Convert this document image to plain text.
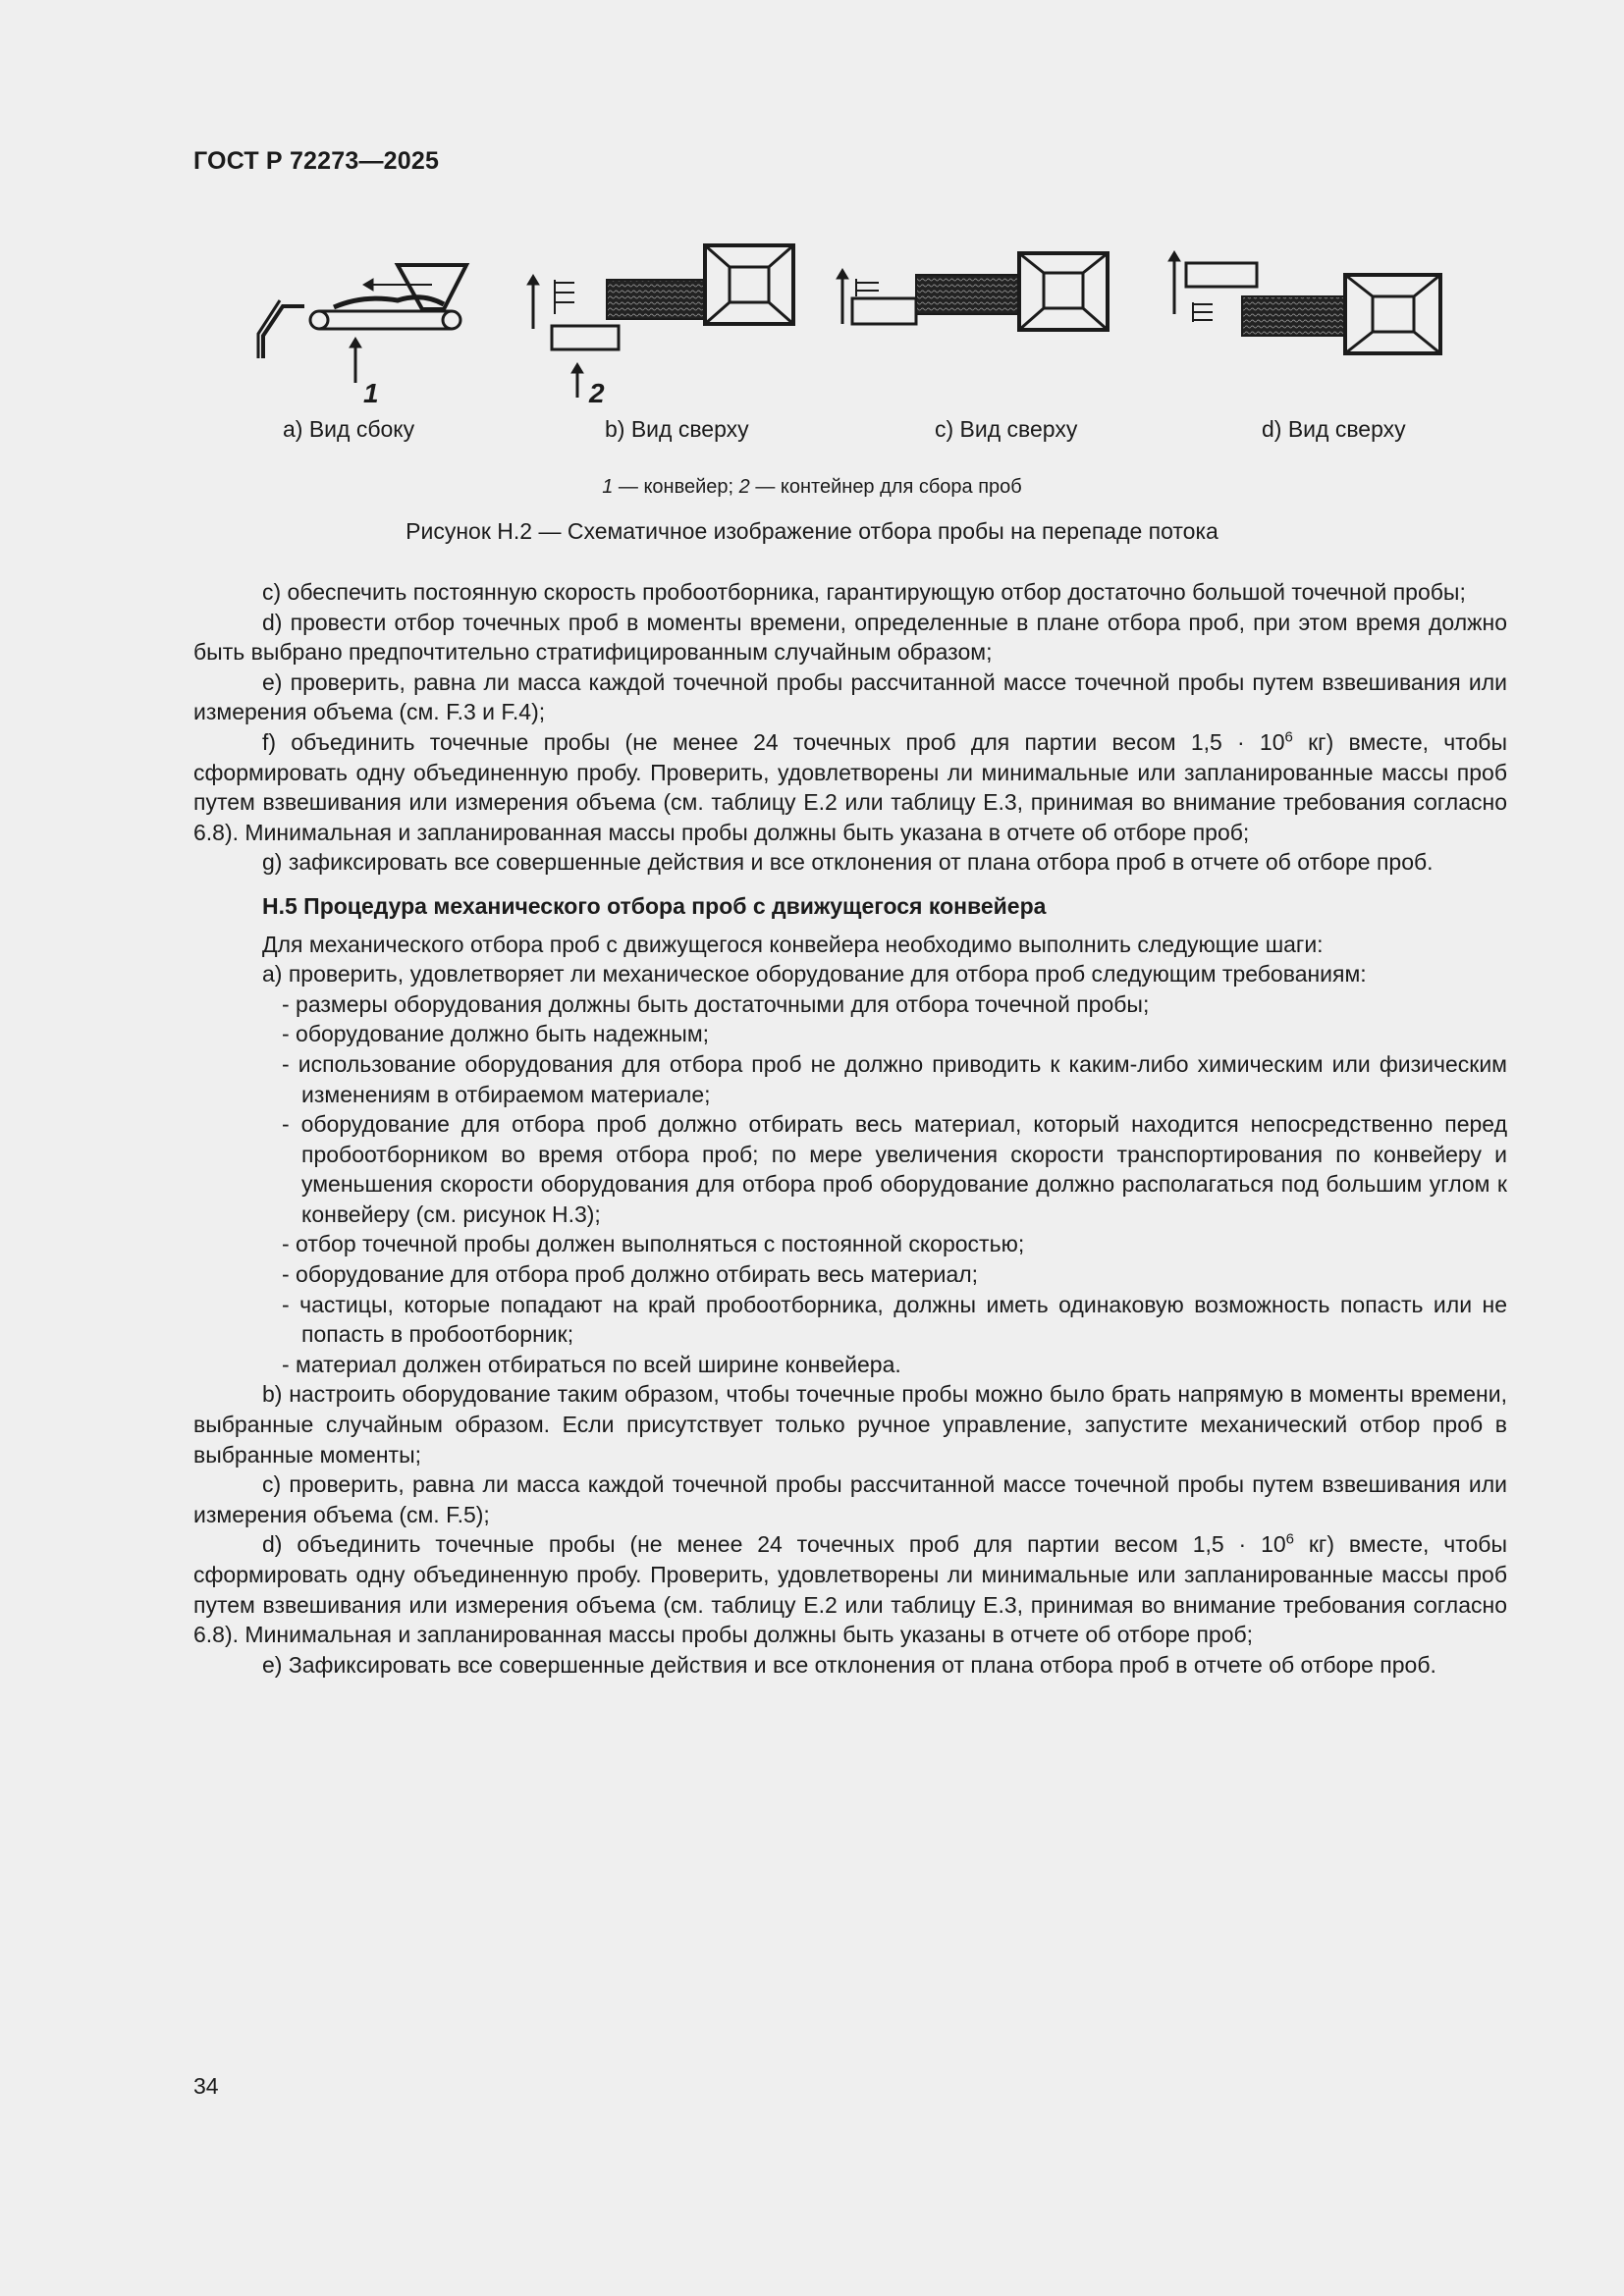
ГОСТ Р 72273—2025
1	2
а) Вид сбоку	b) Вид сверху	с) Вид сверху	d) Вид сверху
1 — конвейер; 2 — контейнер для сбора проб
Рисунок Н.2 — Схематичное изображение отбора пробы на перепаде потока

с) обеспечить постоянную скорость пробоотборника, гарантирующую отбор достаточно большой точечной пробы;

d) провести отбор точечных проб в моменты времени, определенные в плане отбора проб, при этом время должно быть выбрано предпочтительно стратифицированным случайным образом;

е) проверить, равна ли масса каждой точечной пробы рассчитанной массе точечной пробы путем взвешивания или измерения объема (см. F.3 и F.4);

f) объединить точечные пробы (не менее 24 точечных проб для партии весом $1,5 \cdot 10^6$ кг) вместе, чтобы сформировать одну объединенную пробу. Проверить, удовлетворены ли минимальные или запланированные массы проб путем взвешивания или измерения объема (см. таблицу Е.2 или таблицу Е.3, принимая во внимание требования согласно 6.8). Минимальная и запланированная массы пробы должны быть указана в отчете об отборе проб;

g) зафиксировать все совершенные действия и все отклонения от плана отбора проб в отчете об отборе проб.

Н.5 Процедура механического отбора проб с движущегося конвейера

Для механического отбора проб с движущегося конвейера необходимо выполнить следующие шаги:

а) проверить, удовлетворяет ли механическое оборудование для отбора проб следующим требованиям:

- размеры оборудования должны быть достаточными для отбора точечной пробы;

- оборудование должно быть надежным;

- использование оборудования для отбора проб не должно приводить к каким-либо химическим или физическим изменениям в отбираемом материале;

- оборудование для отбора проб должно отбирать весь материал, который находится непосредственно перед пробоотборником во время отбора проб; по мере увеличения скорости транспортирования по конвейеру и уменьшения скорости оборудования для отбора проб оборудование должно располагаться под большим углом к конвейеру (см. рисунок Н.3);

- отбор точечной пробы должен выполняться с постоянной скоростью;

- оборудование для отбора проб должно отбирать весь материал;

- частицы, которые попадают на край пробоотборника, должны иметь одинаковую возможность попасть или не попасть в пробоотборник;

- материал должен отбираться по всей ширине конвейера.

b) настроить оборудование таким образом, чтобы точечные пробы можно было брать напрямую в моменты времени, выбранные случайным образом. Если присутствует только ручное управление, запустите механический отбор проб в выбранные моменты;

с) проверить, равна ли масса каждой точечной пробы рассчитанной массе точечной пробы путем взвешивания или измерения объема (см. F.5);

d) объединить точечные пробы (не менее 24 точечных проб для партии весом $1,5 \cdot 10^6$ кг) вместе, чтобы сформировать одну объединенную пробу. Проверить, удовлетворены ли минимальные или запланированные массы проб путем взвешивания или измерения объема (см. таблицу Е.2 или таблицу Е.3, принимая во внимание требования согласно 6.8). Минимальная и запланированная массы пробы должны быть указаны в отчете об отборе проб;

е) Зафиксировать все совершенные действия и все отклонения от плана отбора проб в отчете об отборе проб.

34
